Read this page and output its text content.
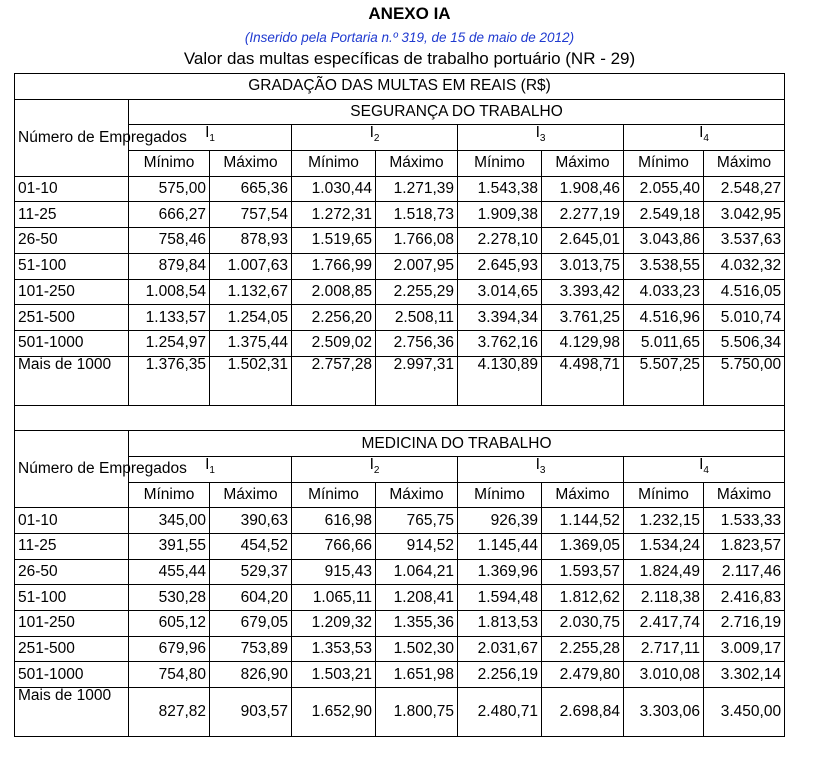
ANEXO IA
(Inserido pela Portaria n.º 319, de 15 de maio de 2012)
Valor das multas específicas de trabalho portuário (NR - 29)
GRADAÇÃO DAS MULTAS EM REAIS (R$)								
Número de Empregados	SEGURANÇA DO TRABALHO							
	$I_1$		$I_2$		$I_3$		$I_4$
	Mínimo	Máximo	Mínimo	Máximo	Mínimo	Máximo	Mínimo	Máximo
01-10	575,00	665,36	1.030,44	1.271,39	1.543,38	1.908,46	2.055,40	2.548,27
11-25	666,27	757,54	1.272,31	1.518,73	1.909,38	2.277,19	2.549,18	3.042,95
26-50	758,46	878,93	1.519,65	1.766,08	2.278,10	2.645,01	3.043,86	3.537,63
51-100	879,84	1.007,63	1.766,99	2.007,95	2.645,93	3.013,75	3.538,55	4.032,32
101-250	1.008,54	1.132,67	2.008,85	2.255,29	3.014,65	3.393,42	4.033,23	4.516,05
251-500	1.133,57	1.254,05	2.256,20	2.508,11	3.394,34	3.761,25	4.516,96	5.010,74
501-1000	1.254,97	1.375,44	2.509,02	2.756,36	3.762,16	4.129,98	5.011,65	5.506,34
Mais de 1000	1.376,35	1.502,31	2.757,28	2.997,31	4.130,89	4.498,71	5.507,25	5.750,00

Número de Empregados	MEDICINA DO TRABALHO							
	$I_1$		$I_2$		$I_3$		$I_4$
	Mínimo	Máximo	Mínimo	Máximo	Mínimo	Máximo	Mínimo	Máximo
01-10	345,00	390,63	616,98	765,75	926,39	1.144,52	1.232,15	1.533,33
11-25	391,55	454,52	766,66	914,52	1.145,44	1.369,05	1.534,24	1.823,57
26-50	455,44	529,37	915,43	1.064,21	1.369,96	1.593,57	1.824,49	2.117,46
51-100	530,28	604,20	1.065,11	1.208,41	1.594,48	1.812,62	2.118,38	2.416,83
101-250	605,12	679,05	1.209,32	1.355,36	1.813,53	2.030,75	2.417,74	2.716,19
251-500	679,96	753,89	1.353,53	1.502,30	2.031,67	2.255,28	2.717,11	3.009,17
501-1000	754,80	826,90	1.503,21	1.651,98	2.256,19	2.479,80	3.010,08	3.302,14
Mais de 1000	827,82	903,57	1.652,90	1.800,75	2.480,71	2.698,84	3.303,06	3.450,00
